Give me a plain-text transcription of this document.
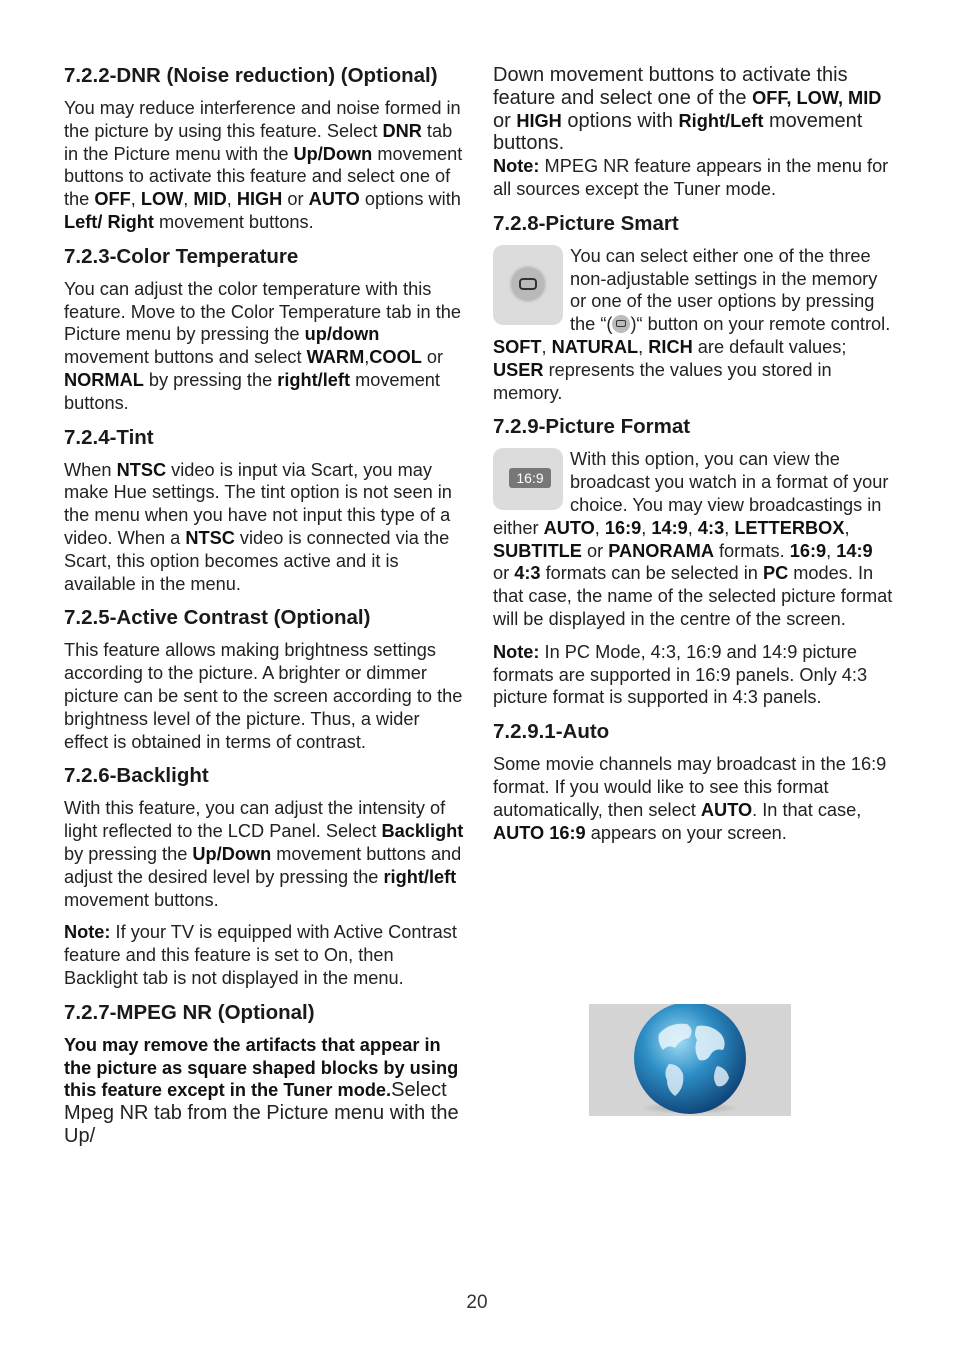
7.2.2-DNR (Noise reduction) (Optional)

You may reduce interference and noise formed in the picture by using this feature. Select DNR tab in the Picture menu with the Up/Down movement buttons to activate this feature and select one of the OFF, LOW, MID, HIGH or AUTO options with Left/ Right movement buttons.

7.2.3-Color Temperature

You can adjust the color temperature with this feature. Move to the Color Temperature tab in the Picture menu by pressing the up/down movement buttons and select WARM,COOL or NORMAL by pressing the right/left movement buttons.

7.2.4-Tint

When NTSC video is input via Scart, you may make Hue settings. The tint option is not seen in the menu when you have not input this type of a video. When a NTSC video is connected via the Scart, this option becomes active and it is available in the menu.

7.2.5-Active Contrast (Optional)

This feature allows making brightness settings according to the picture. A brighter or dimmer picture can be sent to the screen according to the brightness level of the picture. Thus, a wider effect is obtained in terms of contrast.

7.2.6-Backlight

With this feature, you can adjust the intensity of light reflected to the LCD Panel. Select Backlight by pressing the Up/Down movement buttons and adjust the desired level by pressing the right/left movement buttons.

Note: If your TV is equipped with Active Contrast feature and this feature is set to On, then Backlight tab is not displayed in the menu.

7.2.7-MPEG NR (Optional)

You may remove the artifacts that appear in the picture as square shaped blocks by using this feature except in the Tuner mode.Select Mpeg NR tab from the Picture menu with the Up/

Down movement buttons to activate this feature and select one of the OFF, LOW, MID or HIGH options with Right/Left movement buttons.

Note: MPEG NR feature appears in the menu for all sources except the Tuner mode.

7.2.8-Picture Smart

You can select either one of the three non-adjustable settings in the memory or one of the user options by pressing the “( )“ button on your remote control. SOFT, NATURAL, RICH are default values; USER represents the values you stored in memory.

7.2.9-Picture Format

16:9
With this option, you can view the broadcast you watch in a format of your choice. You may view broadcastings in either AUTO, 16:9, 14:9, 4:3, LETTERBOX, SUBTITLE or PANORAMA formats. 16:9, 14:9 or 4:3 formats can be selected in PC modes. In that case, the name of the selected picture format will be displayed in the centre of the screen.

Note: In PC Mode, 4:3, 16:9 and 14:9 picture formats are supported in 16:9 panels. Only 4:3 picture format is supported in 4:3 panels.

7.2.9.1-Auto

Some movie channels may broadcast in the 16:9 format. If you would like to see this format automatically, then select AUTO. In that case, AUTO 16:9 appears on your screen.

20
